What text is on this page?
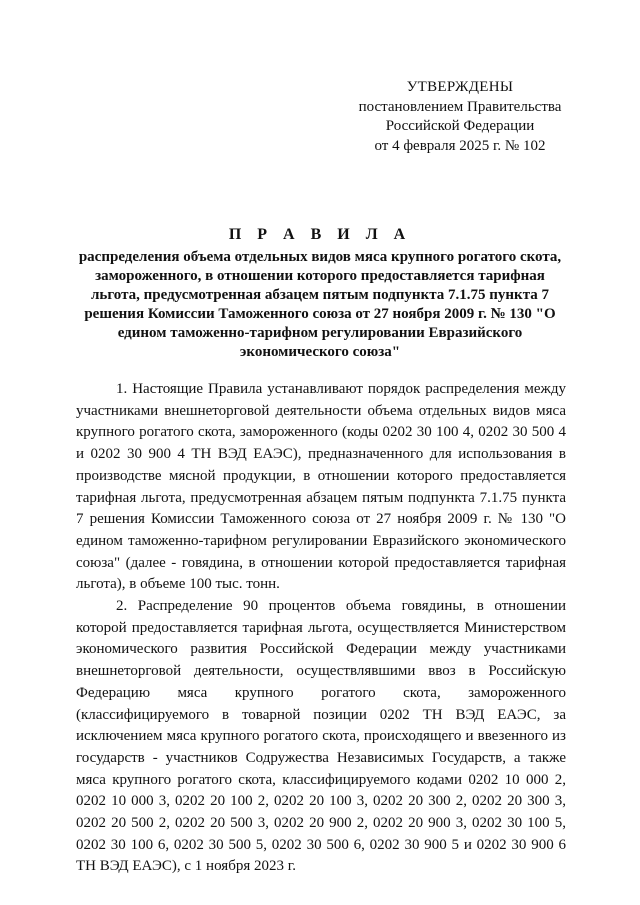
УТВЕРЖДЕНЫ
постановлением Правительства
Российской Федерации
от 4 февраля 2025 г. № 102
П Р А В И Л А
распределения объема отдельных видов мяса крупного рогатого скота, замороженного, в отношении которого предоставляется тарифная льгота, предусмотренная абзацем пятым подпункта 7.1.75 пункта 7 решения Комиссии Таможенного союза от 27 ноября 2009 г. № 130 "О едином таможенно-тарифном регулировании Евразийского экономического союза"

1. Настоящие Правила устанавливают порядок распределения между участниками внешнеторговой деятельности объема отдельных видов мяса крупного рогатого скота, замороженного (коды 0202 30 100 4, 0202 30 500 4 и 0202 30 900 4 ТН ВЭД ЕАЭС), предназначенного для использования в производстве мясной продукции, в отношении которого предоставляется тарифная льгота, предусмотренная абзацем пятым подпункта 7.1.75 пункта 7 решения Комиссии Таможенного союза от 27 ноября 2009 г. № 130 "О едином таможенно-тарифном регулировании Евразийского экономического союза" (далее - говядина, в отношении которой предоставляется тарифная льгота), в объеме 100 тыс. тонн.

2. Распределение 90 процентов объема говядины, в отношении которой предоставляется тарифная льгота, осуществляется Министерством экономического развития Российской Федерации между участниками внешнеторговой деятельности, осуществлявшими ввоз в Российскую Федерацию мяса крупного рогатого скота, замороженного (классифицируемого в товарной позиции 0202 ТН ВЭД ЕАЭС, за исключением мяса крупного рогатого скота, происходящего и ввезенного из государств - участников Содружества Независимых Государств, а также мяса крупного рогатого скота, классифицируемого кодами 0202 10 000 2, 0202 10 000 3, 0202 20 100 2, 0202 20 100 3, 0202 20 300 2, 0202 20 300 3, 0202 20 500 2, 0202 20 500 3, 0202 20 900 2, 0202 20 900 3, 0202 30 100 5, 0202 30 100 6, 0202 30 500 5, 0202 30 500 6, 0202 30 900 5 и 0202 30 900 6 ТН ВЭД ЕАЭС), с 1 ноября 2023 г.
